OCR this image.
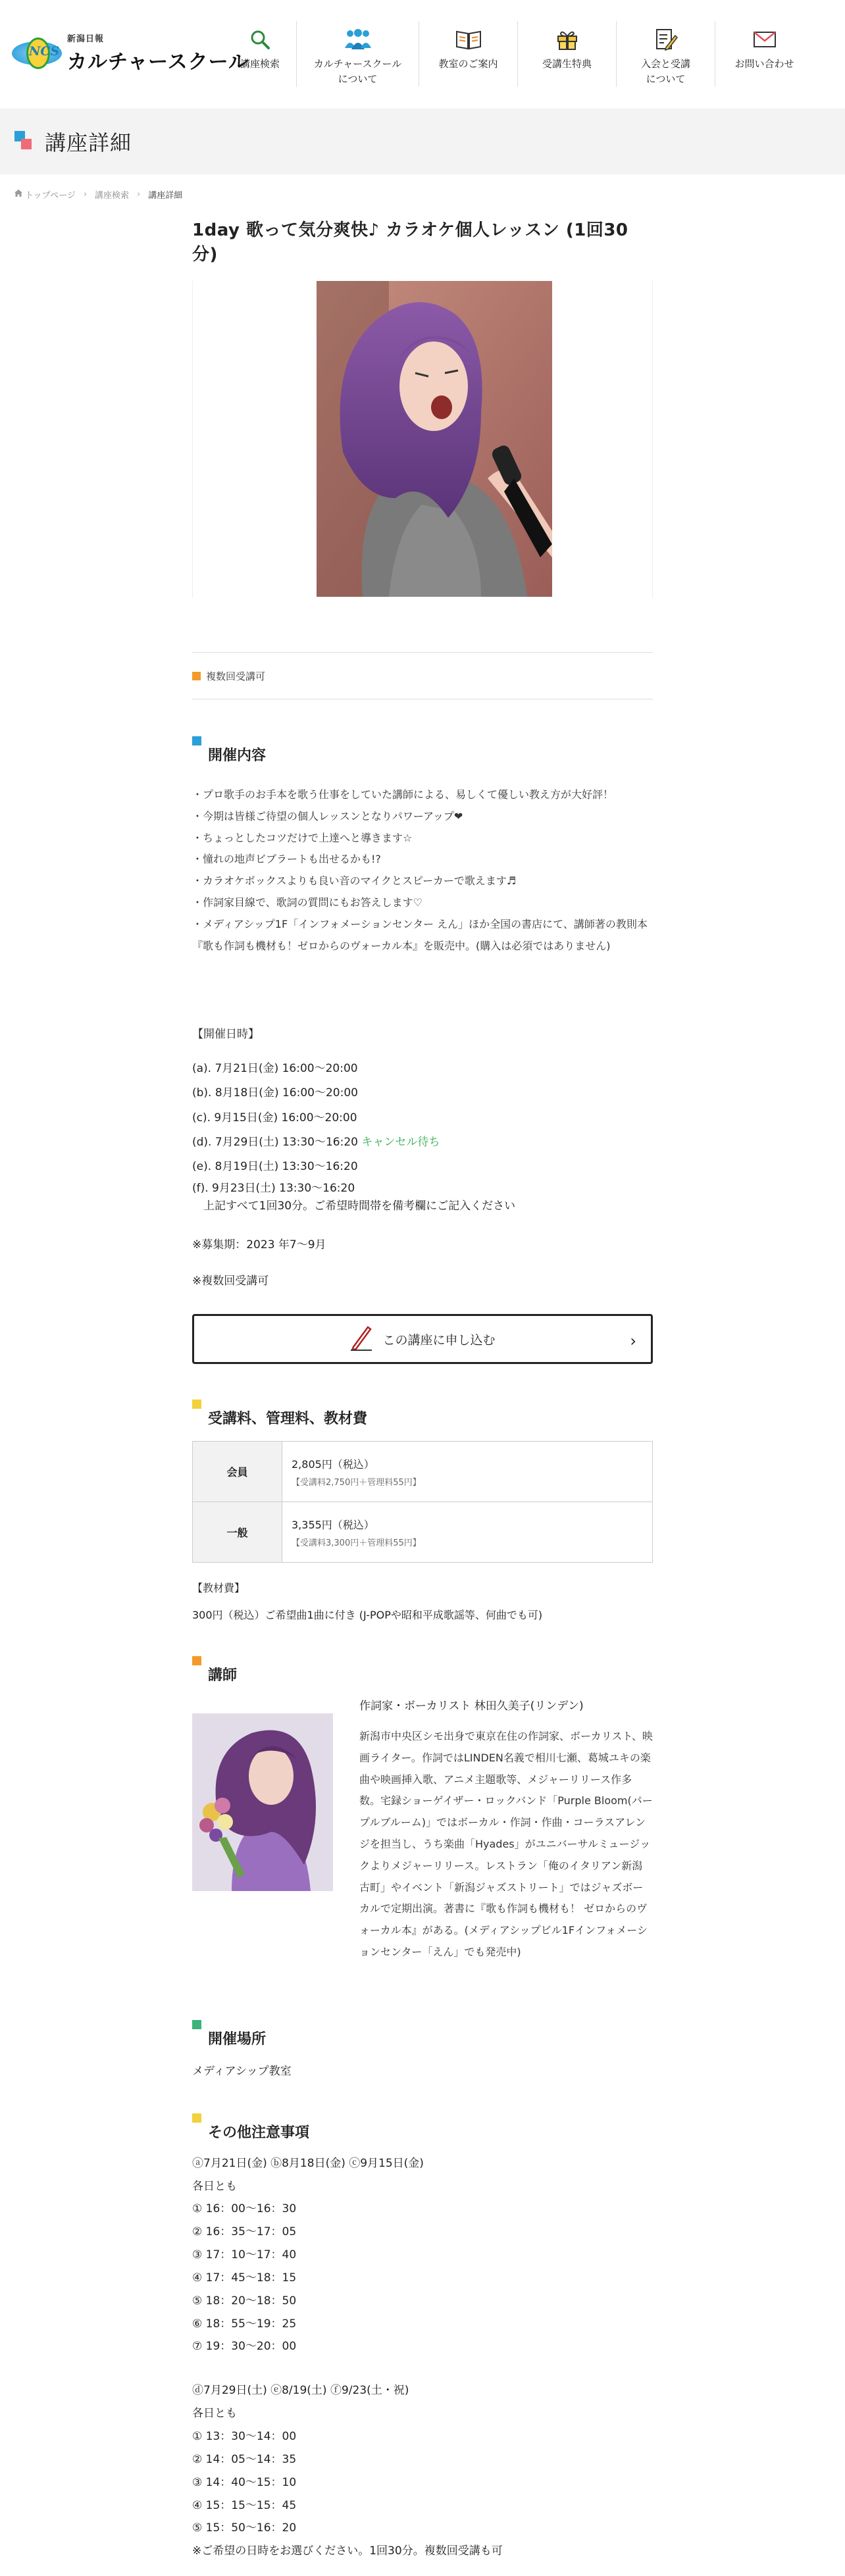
NCS
新潟日報
カルチャースクール
講座検索	カルチャースクール
について
教室のご案内	受講生特典	入会と受講
について
お問い合わせ
講座詳細
トップページ › 講座検索 › 講座詳細
1day 歌って気分爽快♪ カラオケ個人レッスン (1回30分)
複数回受講可
開催内容
・プロ歌手のお手本を歌う仕事をしていた講師による、易しくて優しい教え方が大好評！
・今期は皆様ご待望の個人レッスンとなりパワーアップ❤
・ちょっとしたコツだけで上達へと導きます☆
・憧れの地声ビブラートも出せるかも!?
・カラオケボックスよりも良い音のマイクとスピーカーで歌えます♬
・作詞家目線で、歌詞の質問にもお答えします♡
・メディアシップ1F「インフォメーションセンター えん」ほか全国の書店にて、講師著の教則本
『歌も作詞も機材も！ゼロからのヴォーカル本』を販売中。(購入は必須ではありません)
【開催日時】
(a). 7月21日(金) 16:00〜20:00
(b). 8月18日(金) 16:00〜20:00
(c). 9月15日(金) 16:00〜20:00
(d). 7月29日(土) 13:30〜16:20 キャンセル待ち
(e). 8月19日(土) 13:30〜16:20
(f). 9月23日(土) 13:30〜16:20
　上記すべて1回30分。ご希望時間帯を備考欄にご記入ください
※募集期：2023 年7〜9月
※複数回受講可
この講座に申し込む	›
受講料、管理料、教材費
会員	2,805円（税込）
【受講料2,750円＋管理料55円】

一般	3,355円（税込）
【受講料3,300円＋管理料55円】
【教材費】
300円（税込）ご希望曲1曲に付き (J-POPや昭和平成歌謡等、何曲でも可)
講師
作詞家・ボーカリスト 林田久美子(リンデン)
新潟市中央区シモ出身で東京在住の作詞家、ボーカリスト、映画ライター。作詞ではLINDEN名義で相川七瀬、葛城ユキの楽曲や映画挿入歌、アニメ主題歌等、メジャーリリース作多数。宅録ショーゲイザー・ロックバンド「Purple Bloom(パープルブルーム)」ではボーカル・作詞・作曲・コーラスアレンジを担当し、うち楽曲「Hyades」がユニバーサルミュージックよりメジャーリリース。レストラン「俺のイタリアン新潟古町」やイベント「新潟ジャズストリート」ではジャズボーカルで定期出演。著書に『歌も作詞も機材も！ ゼロからのヴォーカル本』がある。(メディアシップビル1Fインフォメーションセンター「えん」でも発売中)
開催場所
メディアシップ教室
その他注意事項
ⓐ7月21日(金) ⓑ8月18日(金) ⓒ9月15日(金)
各日とも
① 16：00〜16：30
② 16：35〜17：05
③ 17：10〜17：40
④ 17：45〜18：15
⑤ 18：20〜18：50
⑥ 18：55〜19：25
⑦ 19：30〜20：00
ⓓ7月29日(土) ⓔ8/19(土) ⓕ9/23(土・祝)
各日とも
① 13：30〜14：00
② 14：05〜14：35
③ 14：40〜15：10
④ 15：15〜15：45
⑤ 15：50〜16：20
※ご希望の日時をお選びください。1回30分。複数回受講も可
